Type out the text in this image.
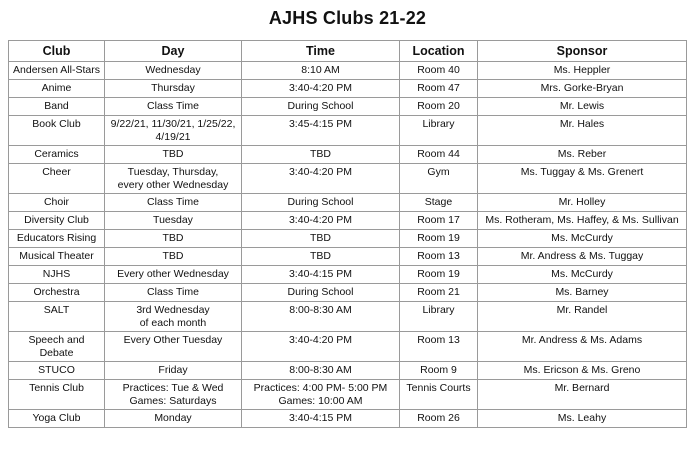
AJHS Clubs 21-22
Club	Day	Time	Location	Sponsor
Andersen All-Stars	Wednesday	8:10 AM	Room 40	Ms. Heppler
Anime	Thursday	3:40-4:20 PM	Room 47	Mrs. Gorke-Bryan
Band	Class Time	During School	Room 20	Mr. Lewis
Book Club	9/22/21, 11/30/21, 1/25/22,
4/19/21	3:45-4:15 PM	Library	Mr. Hales
Ceramics	TBD	TBD	Room 44	Ms. Reber
Cheer	Tuesday, Thursday,
every other Wednesday	3:40-4:20 PM	Gym	Ms. Tuggay & Ms. Grenert
Choir	Class Time	During School	Stage	Mr. Holley
Diversity Club	Tuesday	3:40-4:20 PM	Room 17	Ms. Rotheram, Ms. Haffey, & Ms. Sullivan
Educators Rising	TBD	TBD	Room 19	Ms. McCurdy
Musical Theater	TBD	TBD	Room 13	Mr. Andress & Ms. Tuggay
NJHS	Every other Wednesday	3:40-4:15 PM	Room 19	Ms. McCurdy
Orchestra	Class Time	During School	Room 21	Ms. Barney
SALT	3rd Wednesday
of each month	8:00-8:30 AM	Library	Mr. Randel
Speech and Debate	Every Other Tuesday	3:40-4:20 PM	Room 13	Mr. Andress & Ms. Adams
STUCO	Friday	8:00-8:30 AM	Room 9	Ms. Ericson & Ms. Greno
Tennis Club	Practices: Tue & Wed
Games: Saturdays	Practices: 4:00 PM- 5:00 PM
Games: 10:00 AM	Tennis Courts	Mr. Bernard
Yoga Club	Monday	3:40-4:15 PM	Room 26	Ms. Leahy
